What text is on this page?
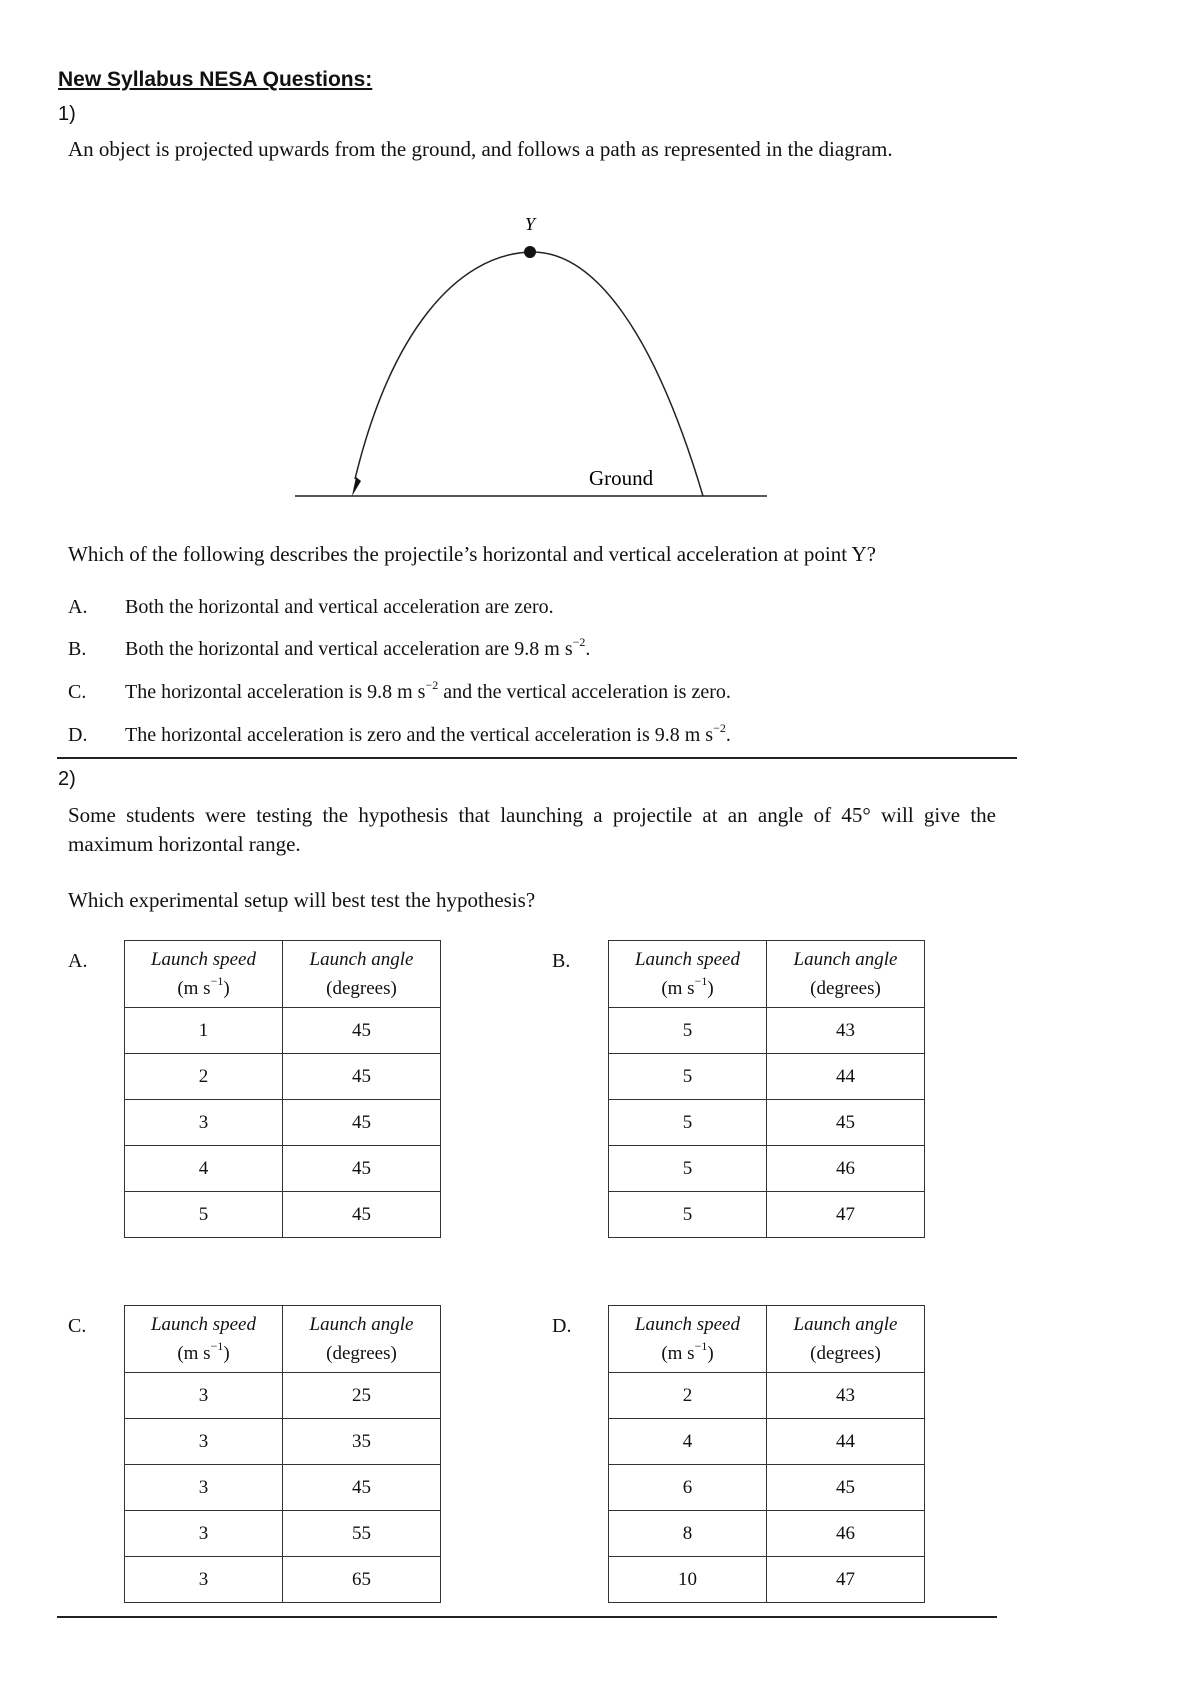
New Syllabus NESA Questions:
1)
An object is projected upwards from the ground, and follows a path as represented in the diagram.
Y
Ground
Which of the following describes the projectile’s horizontal and vertical acceleration at point Y?
A. Both the horizontal and vertical acceleration are zero.
B. Both the horizontal and vertical acceleration are 9.8 m $s^{-2}$.
C. The horizontal acceleration is 9.8 m $s^{-2}$ and the vertical acceleration is zero.
D. The horizontal acceleration is zero and the vertical acceleration is 9.8 m $s^{-2}$.
2)
Some students were testing the hypothesis that launching a projectile at an angle of 45° will give the maximum horizontal range.
Which experimental setup will best test the hypothesis?
A.	Launch speed
(m $s^{-1}$)	Launch angle
(degrees)
1	45
2	45
3	45
4	45
5	45
B.	Launch speed
(m $s^{-1}$)	Launch angle
(degrees)
5	43
5	44
5	45
5	46
5	47
C.	Launch speed
(m $s^{-1}$)	Launch angle
(degrees)
3	25
3	35
3	45
3	55
3	65
D.	Launch speed
(m $s^{-1}$)	Launch angle
(degrees)
2	43
4	44
6	45
8	46
10	47
